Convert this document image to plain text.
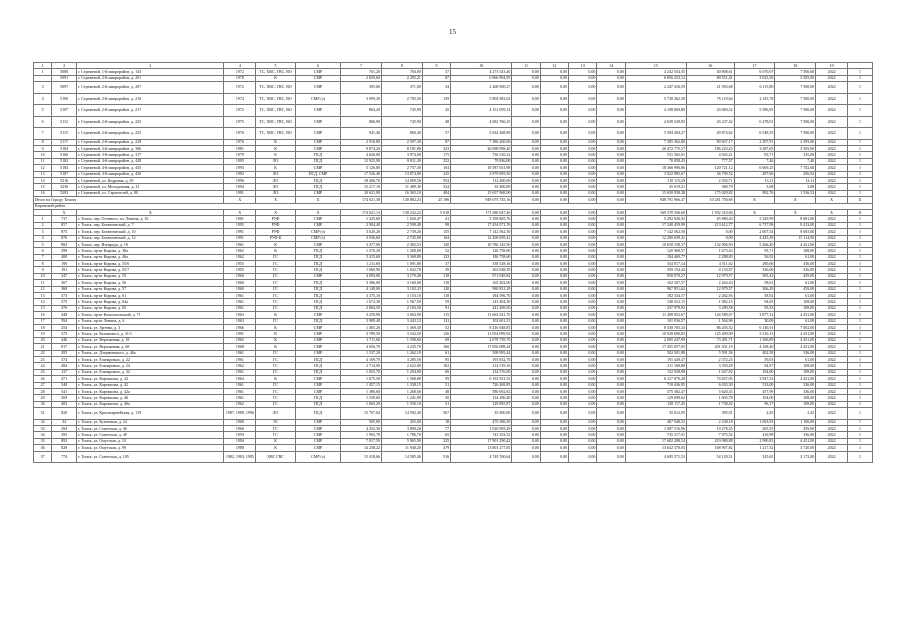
15
1	2	3	4	5	6	7	8	9	10	11	12	13	14	15	16	17	18	19	
1	5080	г. Стрежевой, 1-й микрорайон, д. 143	1972	ТС, ХВС, ГВС, ВО	СМР	761,20	704,00	37	4 273 543,46	0,00	0,00	0,00	0,00	4 232 554,55	40 808,61	6 070,07	7 500,00	2022	1
	5091	г. Стрежевой, 2-й микрорайон, д. 201	1978	К	СМР	2 829,60	2 295,21	87	6 966 904,95	0,00	0,00	0,00	0,00	6 856 253,12	80 551,41	3 023,50	3 505,00	2022	1
3	5097	г. Стрежевой, 2-й микрорайон, д. 207	1972	ТС, ХВС, ГВС, ВО	СМР	395,60	371,00	34	2 268 960,27	0,00	0,00	0,00	0,00	2 247 416,59	21 503,68	6 115,80	7 500,00	2022	1
4	5100	г. Стрежевой, 2-й микрорайон, д. 210	1974	ТС, ХВС, ГВС, ВО	СМР (э)	3 099,20	2 705,50	139	5 804 982,02	0,00	0,00	0,00	0,00	5 728 362,58	76 119,64	2 145,78	7 500,00	2022	1
5	5107	г. Стрежевой, 2-й микрорайон, д. 217	1972	ТС, ХВС, ГВС, ВО	СМР	804,20	745,90	45	4 151 059,12	0,00	0,00	0,00	0,00	4 108 069,80	43 069,32	5 586,95	7 500,00	2022	1
6	5112	г. Стрежевой, 2-й микрорайон, д. 223	1975	ТС, ХВС, ГВС, ВО	СМР	806,90	745,90	48	4 682 766,25	0,00	0,00	0,00	0,00	4 639 528,83	43 237,42	6 278,01	7 500,00	2022	1
7	5115	г. Стрежевой, 2-й микрорайон, д. 225	1976	ТС, ХВС, ГВС, ВО	СМР	941,40	860,40	57	5 634 368,89	0,00	0,00	0,00	0,00	5 584 494,27	49 874,62	6 548,55	7 500,00	2022	1
8	5117	г. Стрежевой, 2-й микрорайон, д. 228	1976	К	СМР	2 910,80	2 507,30	87	7 386 200,00	0,00	0,00	0,00	0,00	7 305 362,80	80 837,17	2 297,91	2 395,00	2022	1
9	5184	г. Стрежевой, 3-й микрорайон, д. 306	1981	К	СМР	9 874,20	8 181,80	323	26 698 998,40	0,00	0,00	0,00	0,00	26 472 775,17	186 223,23	3 287,65	3 505,00	2022	1
10	5166	г. Стрежевой, 3-й микрорайон, д. 317	1979	К	ПСД	4 620,00	3 974,00	175	736 510,22	0,00	0,00	0,00	0,00	531 565,01	4 945,21	83,71	335,00	2022	1
11	5182	г. Стрежевой, 4-й микрорайон, д. 428	1995	ЛО	ПСД	12 925,90	9 811,30	252	70 836,00	0,00	0,00	0,00	0,00	70 058,43	777,57	7,46	7,40	2022	1
12	5184	г. Стрежевой, 4-й микрорайон, д. 435	1993	К	СМР	5 126,80	2 757,30	104	18 587 651,98	0,00	0,00	0,00	0,00	18 366 996,86	120 721,12	6 669,25	7 702,00	2022	1
13	5187	г. Стрежевой, 4-й микрорайон, д. 436	1992	ЛО	ПСД, СМР	17 526,40	13 874,80	325	3 979 695,50	0,00	0,00	0,00	0,00	3 922 985,67	56 709,52	287,66	456,92	2022	1
14	5216	г. Стрежевой, ул. Кедровая, д. 65	1996	ЛО	ПСД	18 406,70	14 069,50	554	112 400,00	0,00	0,00	0,00	0,00	110 115,29	2 352,71	13,11	13,11	2022	1
15	3230	г. Стрежевой, ул. Молодежная, д. 21	1994	ЛО	ПСД	15 217,10	11 489,30	524	35 400,00	0,00	0,00	0,00	0,00	35 019,21	380,79	3,08	3,08	2022	1
16	5293	г. Стрежевой, ул. Строителей, д. 80	1991	ЛО	СМР	20 621,90	16 365,10	404	15 657 968,00	0,00	0,00	0,00	0,00	15 650 958,38	175 029,82	982,76	1 536,52	2022	1
Итого по Городу Томску			Х	Х	Х	174 021,38	130 882,23	25 196	949 075 745,16	0,00	0,00	0,00	0,00	948 791 966,47	10 281 750,69	Х	Х	Х	Х
Кировский район																			
	Х	Х	Х	Х	Х	174 021,13	130 242,23	5 618	171 580 647,46	0,00	0,00	0,00	0,00	169 578 336,60	1 932 310,84	Х	Х	Х	Х
1	737	г. Томск, пер. Осеннего, пл. Ленина, д. 16	1981	РУФ	СМР	1 325,60	1 020,47	41	5 358 805,76	0,00	0,00	0,00	0,00	5 292 926,92	65 880,43	5 249,99	8 681,00	2022	1
2	857	г. Томск, пер. Ботанический, д. 7	1995	РУФ	СМР	2 904,40	2 590,40	98	17 454 071,76	0,00	0,00	0,00	0,00	17 240 459,99	213 612,77	6 737,98	9 413,00	2022	1
3	875	г. Томск, пер. Ботанический, д. 10	1991	РУФ	СМР (э)	3 020,20	2 739,26	155	7 142 562,50	0,00	0,00	0,00	0,00	7 142 562,50	0,00	2 607,54	8 683,00	2022	1
4	876	г. Томск, пер. Ботанический, д. 12	1991	РУФ К	СМР (э)	3 036,60	2 745,00	104	12 200 659,41	0,00	0,00	0,00	0,00	12 200 659,41	0,00	4 445,39	15 114,00	2022	1
5	882	г. Томск, пер. Изумруда, д. 10	1961	К	СМР	3 477,00	2 382,53	120	10 786 145,50	0,00	0,00	0,00	0,00	10 658 158,37	132 006,93	5 266,20	4 431,00	2022	1
6	399	г. Томск, пр-кт Кирова, д. 38а	1962	К	ПСД	1 370,20	1 280,00	52	126 758,00	0,00	0,00	0,00	0,00	120 968,57	1 673,43	95,71	108,00	2022	1
7	400	г. Томск, пр-кт Кирова, д. 46а	1962	ГС	ПСД	5 415,60	3 369,80	123	186 758,60	0,00	0,00	0,00	0,00	184 469,77	2 288,83	56,92	61,00	2022	1
8	190	г. Томск, пр-кт Кирова, д. 55/6	1955	ГС	ПСД	1 211,60	1 091,80	37	338 528,16	0,00	0,00	0,00	0,00	334 017,14	4 511,02	280,06	336,00	2022	1
9	191	г. Томск, пр-кт Кирова, д. 55/7	1955	ГС	ПСД	1 060,90	1 022,70	39	363 048,39	0,00	0,00	0,00	0,00	359 154,42	4 153,97	336,00	336,00	2022	1
10	347	г. Томск, пр-кт Кирова, д. 55	1960	ГС	СМР	4 093,00	3 179,40	118	971 049,84	0,00	0,00	0,00	0,00	958 070,27	12 979,57	305,42	459,00	2022	1
11	367	г. Томск, пр-кт Кирова, д. 56	1960	ГС	ПСД	3 386,00	3 160,00	118	165 402,00	0,00	0,00	0,00	0,00	162 167,57	2 264,43	58,61	61,00	2022	1
12	368	г. Томск, пр-кт Кирова, д. 57	1960	ГС	ПСД	4 148,00	3 102,33	120	980 831,19	0,00	0,00	0,00	0,00	967 851,62	12 979,57	306,29	459,00	2022	1
13	373	г. Томск, пр-кт Кирова, д. 61	1961	ГС	ПСД	3 375,10	3 153,10	118	184 596,70	0,00	0,00	0,00	0,00	182 334,57	2 262,93	58,92	61,00	2022	1
14	375	г. Томск, пр-кт Кирова, д. 64а	1961	ГС	ПСД	1 672,30	1 567,50	59	143 494,30	0,00	0,00	0,00	0,00	140 412,15	1 982,15	94,65	108,00	2022	1
15	376	г. Томск, пр-кт Кирова, д. 65	1961	ГС	ПСД	2 804,50	2 184,50	91	241 269,50	0,00	0,00	0,00	0,00	237 979,92	3 289,58	95,33	108,00	2022	1
16	448	г. Томск, пр-кт Комсомольский, д. 71	1963	К	СМР	3 259,90	3 064,90	115	11 663 541,70	0,00	0,00	0,00	0,00	11 498 952,67	144 589,07	3 877,12	4 431,00	2022	1
17	594	г. Томск, пр-кт Ленина, д. 6	1963	ГС	ПСД	3 989,40	3 443,12	131	102 601,51	0,00	0,00	0,00	0,00	101 036,57	1 564,96	30,09	61,00	2022	1
18	254	г. Томск, ул. Артема, д. 3	1966	К	СМР	1 465,20	1 369,30	52	8 416 948,85	0,00	0,00	0,00	0,00	8 330 765,33	86 203,52	6 146,91	7 002,00	2022	1
19	375	г. Томск, ул. Белинского, д. 31/1	1991	К	СМР	3 789,50	3 542,50	126	11 054 099,92	0,00	0,00	0,00	0,00	10 928 690,83	125 409,09	3 510,13	4 431,00	2022	1
20	446	г. Томск, ул. Верхоянная, д. 18	1965	К	СМР	1 711,60	1 590,60	69	2 078 739,70	0,00	0,00	0,00	0,00	2 005 247,99	73 491,71	1 306,89	4 431,00	2022	1
21	817	г. Томск, ул. Верхоянная, д. 68	1968	К	СМР	4 656,70	4 235,70	160	17 656 088,24	0,00	0,00	0,00	0,00	17 455 057,05	201 031,19	4 168,40	4 431,00	2022	1
22	295	г. Томск, ул. Дзержинского, д. 46а	1961	ГС	СМР	1 537,20	1 262,10	61	508 995,44	0,00	0,00	0,00	0,00	502 501,88	5 591,56	402,58	336,00	2022	1
23	374	г. Томск, ул. Елизаровых, д. 22	1961	ГС	ПСД	4 169,70	3 285,50	95	193 832,70	0,00	0,00	0,00	0,00	191 449,47	2 372,25	59,03	61,00	2022	1
24	484	г. Томск, ул. Елизаровых, д. 24	1962	ГС	ПСД	2 714,00	2 622,00	102	214 519,16	0,00	0,00	0,00	0,00	211 168,88	3 350,28	84,97	108,00	2022	1
25	137	г. Томск, ул. Елизаровых, д. 32	1961	ГС	ПСД	1 655,70	1 294,00	66	134 576,00	0,00	0,00	0,00	0,00	132 928,98	1 647,02	104,00	108,00	2022	1
26	471	г. Томск, ул. Карташова, д. 32	1964	К	СМР	1 675,50	1 568,80	59	6 192 931,53	0,00	0,00	0,00	0,00	6 117 876,28	74 657,05	3 947,33	4 431,00	2022	1
27	540	г. Томск, ул. Карташова, д. 42	1961	ГС	СМР	1 457,15	1 339,15	51	726 469,85	0,00	0,00	0,00	0,00	718 436,85	6 033,30	533,00	336,00	2022	1
28	541	г. Томск, ул. Карташова, д. 42а	1961	ГС	СМР	1 386,60	1 268,60	48	580 002,82	0,00	0,00	0,00	0,00	575 382,47	5 620,35	457,99	336,00	2022	1
29	369	г. Томск, ул. Карташова, д. 46	1961	ГС	ПСД	1 539,60	1 241,90	50	134 296,40	0,00	0,00	0,00	0,00	129 699,62	1 605,78	104,00	108,00	2022	1
30	403	г. Томск, ул. Карташова, д. 46а	1962	ГС	ПСД	1 665,20	1 550,10	51	129 855,87	0,00	0,00	0,00	0,00	128 117,45	1 738,42	96,17	108,00	2022	1
31	820	г. Томск, ул. Красноармейская, д. 119	1987, 1988, 1996	ЛО	ПСД	15 767,04	14 592,40	567	35 400,00	0,00	0,00	0,00	0,00	35 012,95	395,01	2,45	2,45	2022	1
32	34	г. Томск, ул. Кузнечная, д. 22	1900	ЭС	СМР	505,00	455,00	18	470 286,50	0,00	0,00	0,00	0,00	467 948,52	2 238,18	1 063,93	1 100,00	2022	1
33	294	г. Томск, ул. Советская, д. 46	1960	ГС	СМР	4 252,30	3 890,20	77	1 026 995,29	0,00	0,00	0,00	0,00	1 007 516,96	19 278,35	265,55	459,00	2022	1
34	295	г. Томск, ул. Советская, д. 48	1959	ГС	СМР	1 992,70	1 786,70	65	743 353,52	0,00	0,00	0,00	0,00	735 317,01	7 975,52	416,98	336,00	2022	1
35	892	г. Томск, ул. Омутская, д. 10	1994	К	СМР	7 817,50	5 965,90	225	17 901 290,42	0,00	0,00	0,00	0,00	17 682 208,54	219 080,88	2 990,83	4 431,00	2022	1
36	828	г. Томск, ул. Омутская, д. 99	1988	К	СМР	14 258,22	11 940,20	479	13 801 277,85	0,00	0,00	0,00	0,00	13 632 370,03	168 907,82	1 217,32	3 720,00	2022	1
37	774	г. Томск, ул. Советская, д. 105	1982, 1983, 1985	ХВС ГВС	СМР (э)	15 418,66	14 585,46	516	4 749 760,64	0,00	0,00	0,00	0,00	4 695 571,53	54 129,51	325,65	2 172,00	2022	1
